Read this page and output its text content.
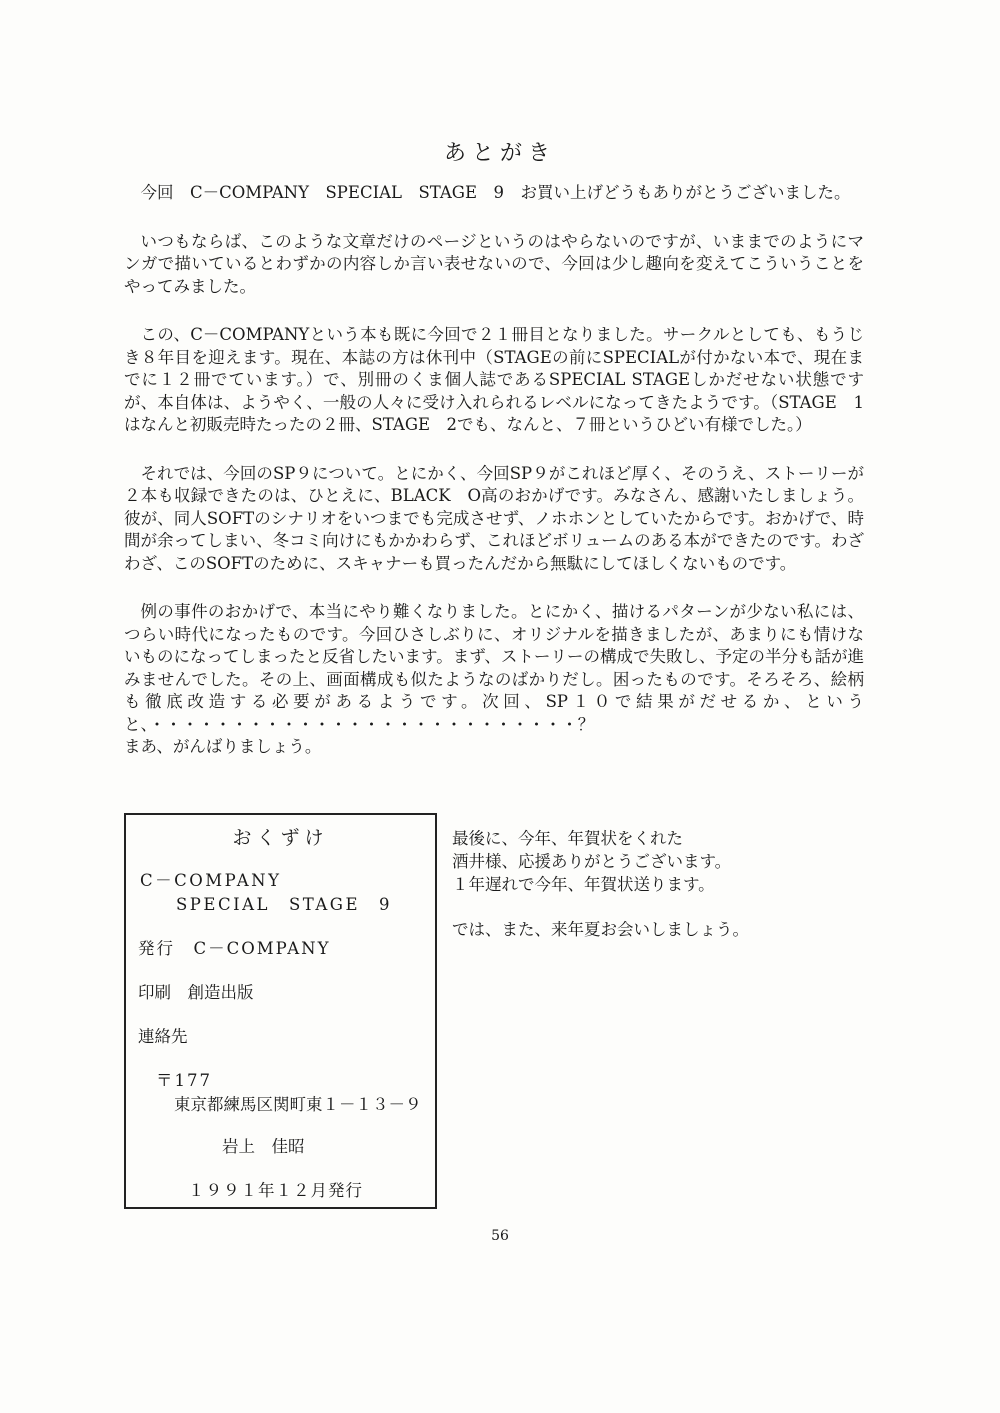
あとがき

今回　C－COMPANY　SPECIAL　STAGE　9　お買い上げどうもありがとうございました。

いつもならば、このような文章だけのページというのはやらないのですが、いままでのようにマンガで描いているとわずかの内容しか言い表せないので、今回は少し趣向を変えてこういうことをやってみました。

この、C－COMPANYという本も既に今回で２１冊目となりました。サークルとしても、もうじき８年目を迎えます。現在、本誌の方は休刊中（STAGEの前にSPECIALが付かない本で、現在までに１２冊でています。）で、別冊のくま個人誌であるSPECIAL STAGEしかだせない状態ですが、本自体は、ようやく、一般の人々に受け入れられるレベルになってきたようです。（STAGE　1　はなんと初販売時たったの２冊、STAGE　2でも、なんと、７冊というひどい有様でした。）

それでは、今回のSP９について。とにかく、今回SP９がこれほど厚く、そのうえ、ストーリーが２本も収録できたのは、ひとえに、BLACK　O高のおかげです。みなさん、感謝いたしましょう。彼が、同人SOFTのシナリオをいつまでも完成させず、ノホホンとしていたからです。おかげで、時間が余ってしまい、冬コミ向けにもかかわらず、これほどボリュームのある本ができたのです。わざわざ、このSOFTのために、スキャナーも買ったんだから無駄にしてほしくないものです。

例の事件のおかげで、本当にやり難くなりました。とにかく、描けるパターンが少ない私には、つらい時代になったものです。今回ひさしぶりに、オリジナルを描きましたが、あまりにも情けないものになってしまったと反省したいます。まず、ストーリーの構成で失敗し、予定の半分も話が進みませんでした。その上、画面構成も似たようなのばかりだし。困ったものです。そろそろ、絵柄も徹底改造する必要があるようです。次回、SP１０で結果がだせるか、というと、・・・・・・・・・・・・・・・・・・・・・・・・・・？

まあ、がんばりましょう。

おくずけ
C－COMPANY
SPECIAL　STAGE　9
発行　C－COMPANY
印刷　創造出版
連絡先
〒177
東京都練馬区関町東１－１３－９
岩上　佳昭
１９９１年１２月発行
最後に、今年、年賀状をくれた
酒井様、応援ありがとうございます。
１年遅れで今年、年賀状送ります。
では、また、来年夏お会いしましょう。
56
